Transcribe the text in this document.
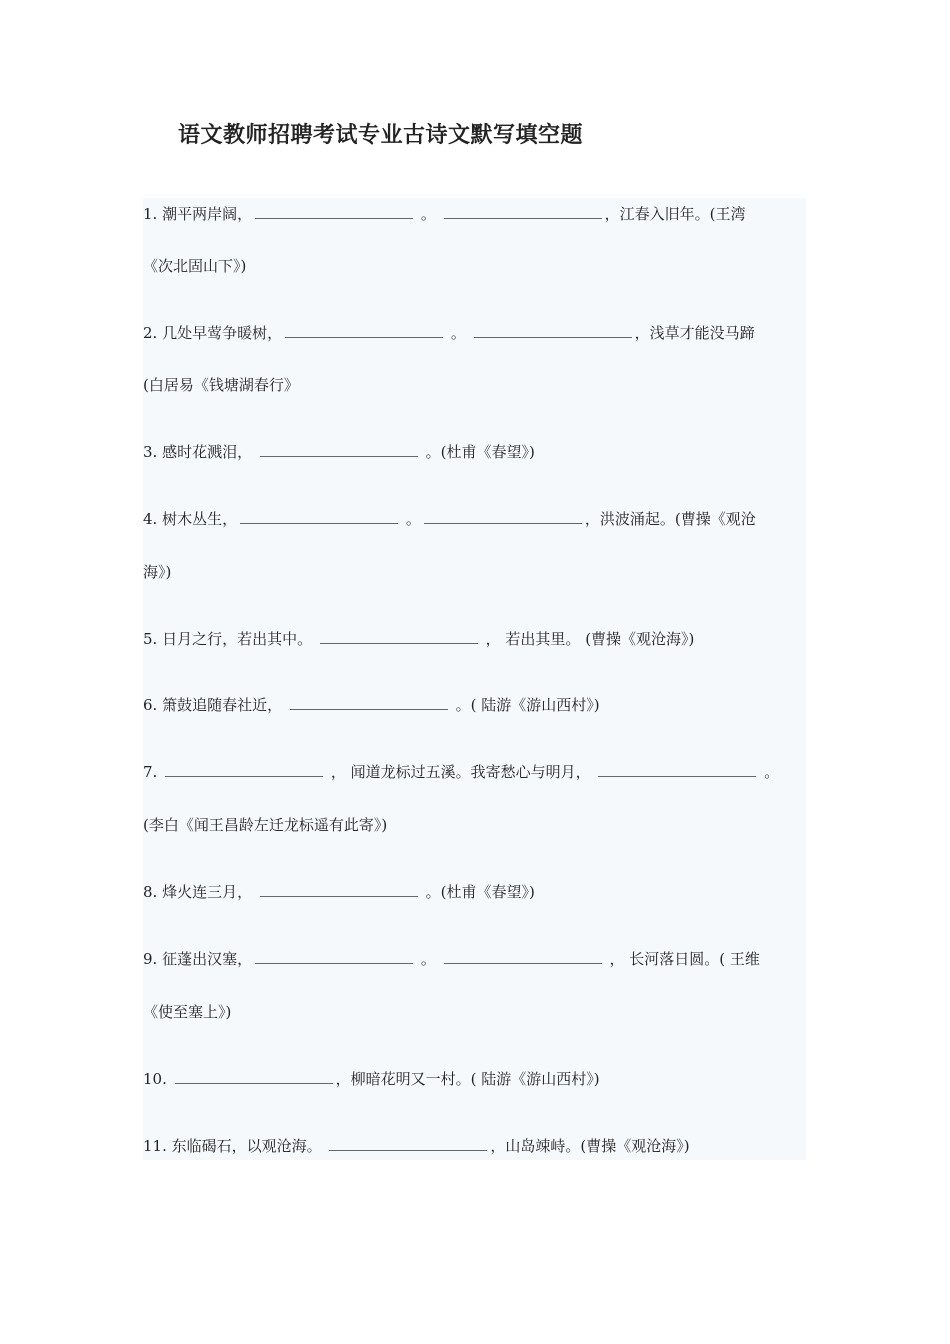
语文教师招聘考试专业古诗文默写填空题
1. 潮平两岸阔，	。	，江春入旧年。(王湾
《次北固山下》)
2. 几处早莺争暖树，	。	，浅草才能没马蹄
(白居易《钱塘湖春行》
3. 感时花溅泪，	。(杜甫《春望》)
4. 树木丛生，	。	，洪波涌起。(曹操《观沧
海》)
5. 日月之行，若出其中。	， 若出其里。 (曹操《观沧海》)
6. 箫鼓追随春社近，	。( 陆游《游山西村》)
7.	， 闻道龙标过五溪。我寄愁心与明月，	。
(李白《闻王昌龄左迁龙标遥有此寄》)
8. 烽火连三月，	。(杜甫《春望》)
9. 征蓬出汉塞，	。	， 长河落日圆。( 王维
《使至塞上》)
10.	，柳暗花明又一村。( 陆游《游山西村》)
11. 东临碣石，以观沧海。	，山岛竦峙。(曹操《观沧海》)
